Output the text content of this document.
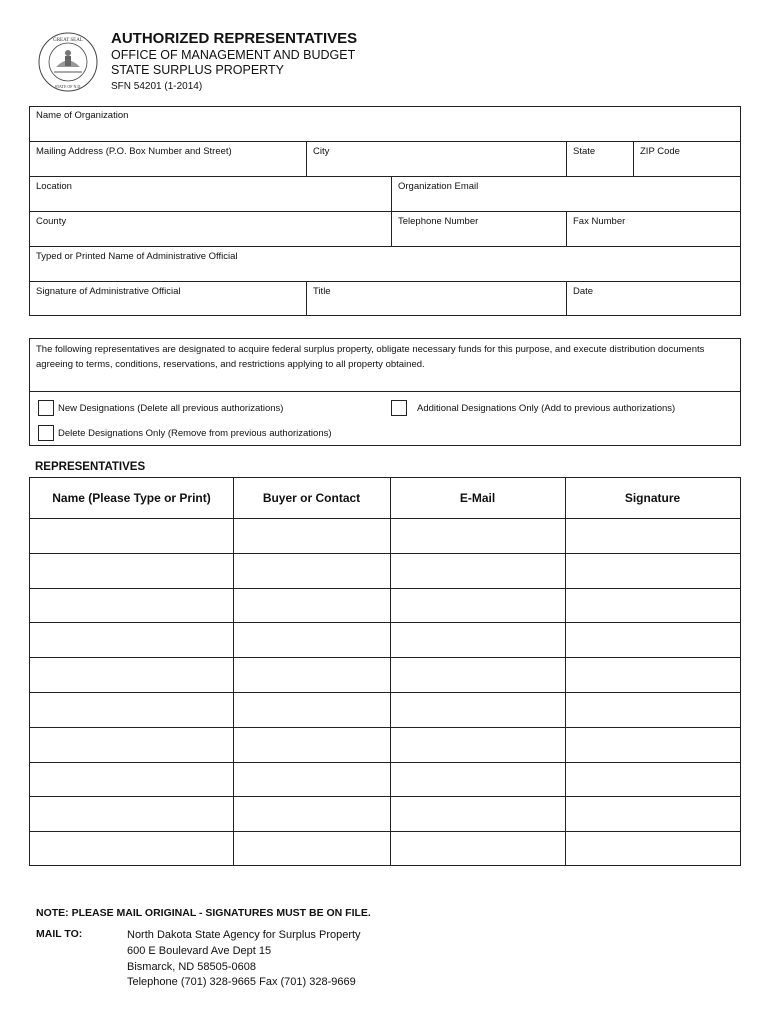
GREAT SEAL
STATE OF N.D.
AUTHORIZED REPRESENTATIVES
OFFICE OF MANAGEMENT AND BUDGET
STATE SURPLUS PROPERTY
SFN 54201 (1-2014)
Name of Organization
Mailing Address (P.O. Box Number and Street)	City	State	ZIP Code
Location	Organization Email
County	Telephone Number	Fax Number
Typed or Printed Name of Administrative Official
Signature of Administrative Official	Title	Date
The following representatives are designated to acquire federal surplus property, obligate necessary funds for this purpose, and execute distribution documents agreeing to terms, conditions, reservations, and restrictions applying to all property obtained.
New Designations (Delete all previous authorizations)	Additional Designations Only (Add to previous authorizations)
Delete Designations Only (Remove from previous authorizations)
REPRESENTATIVES
Name (Please Type or Print)	Buyer or Contact	E-Mail	Signature
NOTE: PLEASE MAIL ORIGINAL - SIGNATURES MUST BE ON FILE.
MAIL TO:	North Dakota State Agency for Surplus Property
600 E Boulevard Ave Dept 15
Bismarck, ND 58505-0608
Telephone (701) 328-9665 Fax (701) 328-9669
